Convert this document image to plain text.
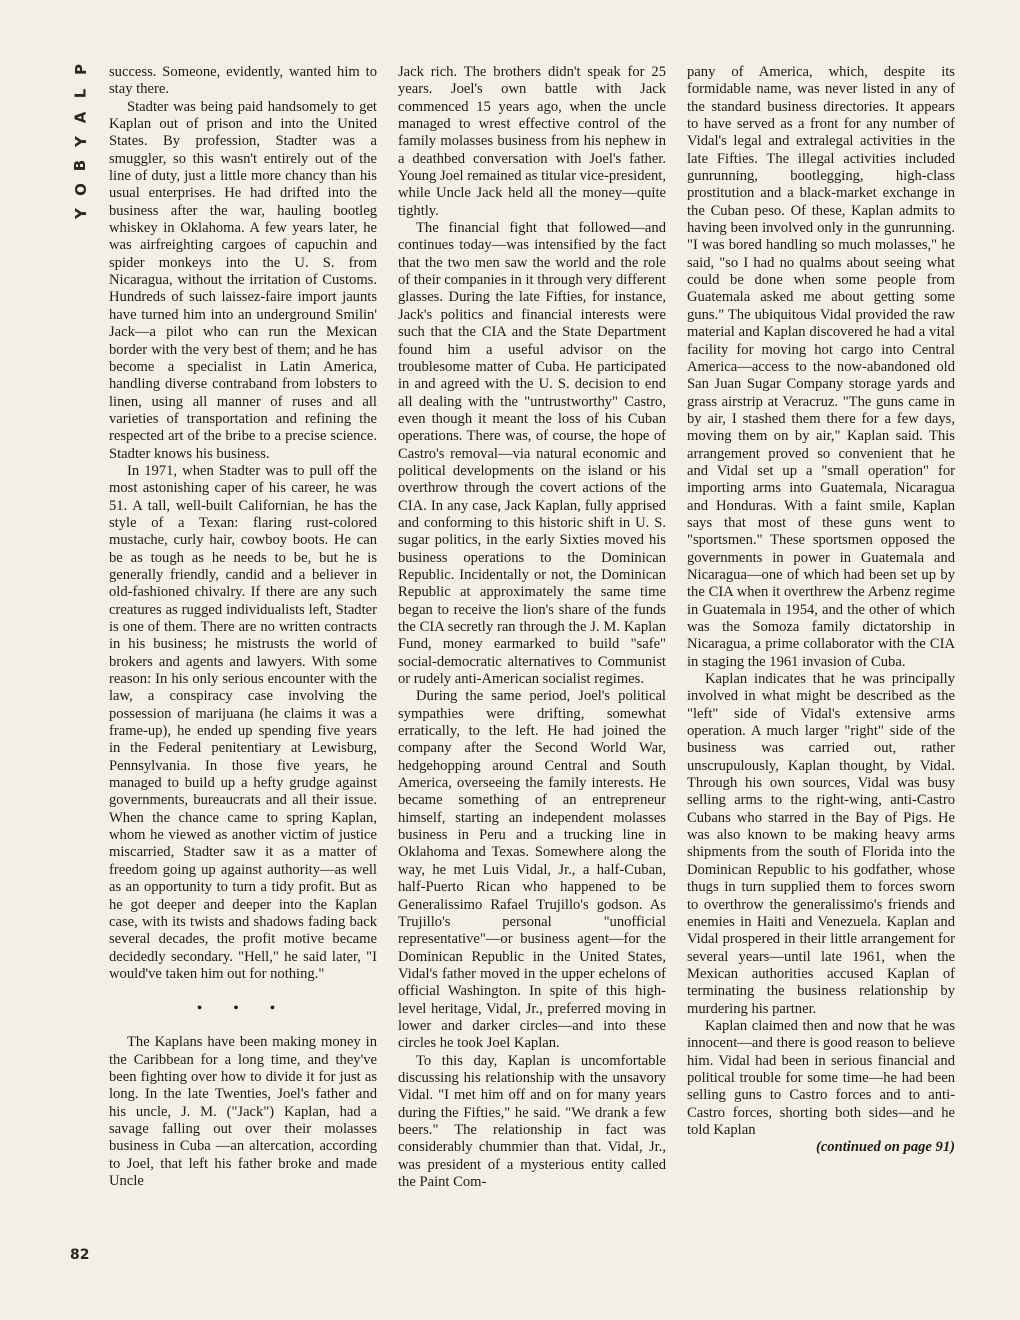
P
L
A
Y
B
O
Y

success. Someone, evidently, wanted him to stay there.

Stadter was being paid handsomely to get Kaplan out of prison and into the United States. By profession, Stadter was a smuggler, so this wasn't entirely out of the line of duty, just a little more chancy than his usual enterprises. He had drifted into the business after the war, hauling bootleg whiskey in Oklahoma. A few years later, he was airfreighting cargoes of capuchin and spider monkeys into the U. S. from Nicaragua, without the irritation of Customs. Hundreds of such laissez-faire import jaunts have turned him into an underground Smilin' Jack—a pilot who can run the Mexican border with the very best of them; and he has become a specialist in Latin America, handling diverse contraband from lobsters to linen, using all manner of ruses and all varieties of transportation and refining the respected art of the bribe to a precise science. Stadter knows his business.

In 1971, when Stadter was to pull off the most astonishing caper of his career, he was 51. A tall, well-built Californian, he has the style of a Texan: flaring rust-colored mustache, curly hair, cowboy boots. He can be as tough as he needs to be, but he is generally friendly, candid and a believer in old-fashioned chivalry. If there are any such creatures as rugged individualists left, Stadter is one of them. There are no written contracts in his business; he mistrusts the world of brokers and agents and lawyers. With some reason: In his only serious encounter with the law, a conspiracy case involving the possession of marijuana (he claims it was a frame-up), he ended up spending five years in the Federal penitentiary at Lewisburg, Pennsylvania. In those five years, he managed to build up a hefty grudge against governments, bureaucrats and all their issue. When the chance came to spring Kaplan, whom he viewed as another victim of justice miscarried, Stadter saw it as a matter of freedom going up against authority—as well as an opportunity to turn a tidy profit. But as he got deeper and deeper into the Kaplan case, with its twists and shadows fading back several decades, the profit motive became decidedly secondary. "Hell," he said later, "I would've taken him out for nothing."

• • •

The Kaplans have been making money in the Caribbean for a long time, and they've been fighting over how to divide it for just as long. In the late Twenties, Joel's father and his uncle, J. M. ("Jack") Kaplan, had a savage falling out over their molasses business in Cuba —an altercation, according to Joel, that left his father broke and made Uncle

Jack rich. The brothers didn't speak for 25 years. Joel's own battle with Jack commenced 15 years ago, when the uncle managed to wrest effective control of the family molasses business from his nephew in a deathbed conversation with Joel's father. Young Joel remained as titular vice-president, while Uncle Jack held all the money—quite tightly.

The financial fight that followed—and continues today—was intensified by the fact that the two men saw the world and the role of their companies in it through very different glasses. During the late Fifties, for instance, Jack's politics and financial interests were such that the CIA and the State Department found him a useful advisor on the troublesome matter of Cuba. He participated in and agreed with the U. S. decision to end all dealing with the "untrustworthy" Castro, even though it meant the loss of his Cuban operations. There was, of course, the hope of Castro's removal—via natural economic and political developments on the island or his overthrow through the covert actions of the CIA. In any case, Jack Kaplan, fully apprised and conforming to this historic shift in U. S. sugar politics, in the early Sixties moved his business operations to the Dominican Republic. Incidentally or not, the Dominican Republic at approximately the same time began to receive the lion's share of the funds the CIA secretly ran through the J. M. Kaplan Fund, money earmarked to build "safe" social-democratic alternatives to Communist or rudely anti-American socialist regimes.

During the same period, Joel's political sympathies were drifting, somewhat erratically, to the left. He had joined the company after the Second World War, hedgehopping around Central and South America, overseeing the family interests. He became something of an entrepreneur himself, starting an independent molasses business in Peru and a trucking line in Oklahoma and Texas. Somewhere along the way, he met Luis Vidal, Jr., a half-Cuban, half-Puerto Rican who happened to be Generalissimo Rafael Trujillo's godson. As Trujillo's personal "unofficial representative"—or business agent—for the Dominican Republic in the United States, Vidal's father moved in the upper echelons of official Washington. In spite of this high-level heritage, Vidal, Jr., preferred moving in lower and darker circles—and into these circles he took Joel Kaplan.

To this day, Kaplan is uncomfortable discussing his relationship with the unsavory Vidal. "I met him off and on for many years during the Fifties," he said. "We drank a few beers." The relationship in fact was considerably chummier than that. Vidal, Jr., was president of a mysterious entity called the Paint Com-

pany of America, which, despite its formidable name, was never listed in any of the standard business directories. It appears to have served as a front for any number of Vidal's legal and extralegal activities in the late Fifties. The illegal activities included gunrunning, bootlegging, high-class prostitution and a black-market exchange in the Cuban peso. Of these, Kaplan admits to having been involved only in the gunrunning. "I was bored handling so much molasses," he said, "so I had no qualms about seeing what could be done when some people from Guatemala asked me about getting some guns." The ubiquitous Vidal provided the raw material and Kaplan discovered he had a vital facility for moving hot cargo into Central America—access to the now-abandoned old San Juan Sugar Company storage yards and grass airstrip at Veracruz. "The guns came in by air, I stashed them there for a few days, moving them on by air," Kaplan said. This arrangement proved so convenient that he and Vidal set up a "small operation" for importing arms into Guatemala, Nicaragua and Honduras. With a faint smile, Kaplan says that most of these guns went to "sportsmen." These sportsmen opposed the governments in power in Guatemala and Nicaragua—one of which had been set up by the CIA when it overthrew the Arbenz regime in Guatemala in 1954, and the other of which was the Somoza family dictatorship in Nicaragua, a prime collaborator with the CIA in staging the 1961 invasion of Cuba.

Kaplan indicates that he was principally involved in what might be described as the "left" side of Vidal's extensive arms operation. A much larger "right" side of the business was carried out, rather unscrupulously, Kaplan thought, by Vidal. Through his own sources, Vidal was busy selling arms to the right-wing, anti-Castro Cubans who starred in the Bay of Pigs. He was also known to be making heavy arms shipments from the south of Florida into the Dominican Republic to his godfather, whose thugs in turn supplied them to forces sworn to overthrow the generalissimo's friends and enemies in Haiti and Venezuela. Kaplan and Vidal prospered in their little arrangement for several years—until late 1961, when the Mexican authorities accused Kaplan of terminating the business relationship by murdering his partner.

Kaplan claimed then and now that he was innocent—and there is good reason to believe him. Vidal had been in serious financial and political trouble for some time—he had been selling guns to Castro forces and to anti-Castro forces, shorting both sides—and he told Kaplan

(continued on page 91)

82
